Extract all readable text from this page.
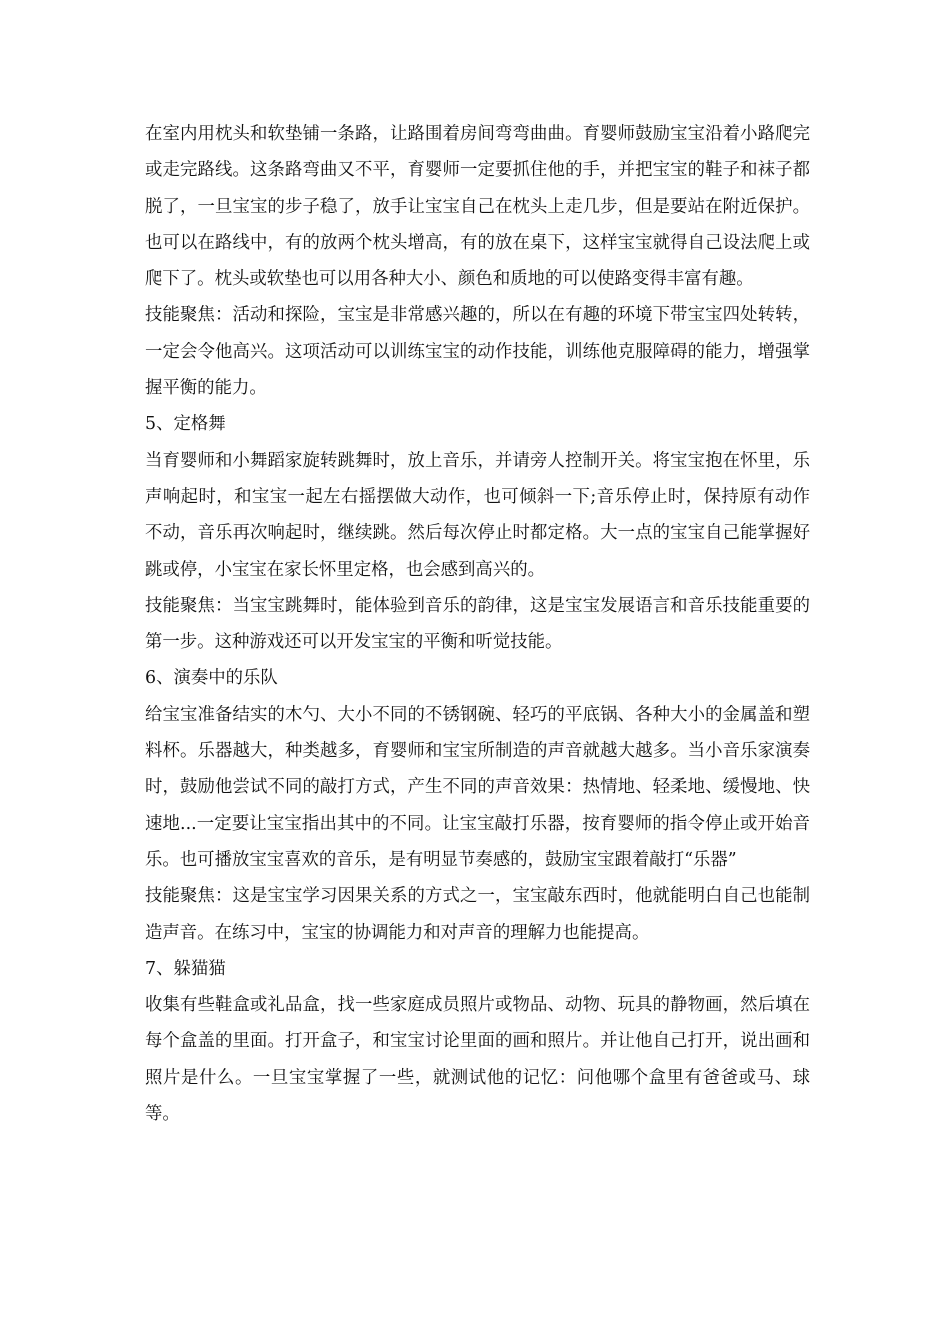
在室内用枕头和软垫铺一条路，让路围着房间弯弯曲曲。育婴师鼓励宝宝沿着小路爬完或走完路线。这条路弯曲又不平，育婴师一定要抓住他的手，并把宝宝的鞋子和袜子都脱了，一旦宝宝的步子稳了，放手让宝宝自己在枕头上走几步，但是要站在附近保护。也可以在路线中，有的放两个枕头增高，有的放在桌下，这样宝宝就得自己设法爬上或爬下了。枕头或软垫也可以用各种大小、颜色和质地的可以使路变得丰富有趣。

技能聚焦：活动和探险，宝宝是非常感兴趣的，所以在有趣的环境下带宝宝四处转转，一定会令他高兴。这项活动可以训练宝宝的动作技能，训练他克服障碍的能力，增强掌握平衡的能力。

5、定格舞

当育婴师和小舞蹈家旋转跳舞时，放上音乐，并请旁人控制开关。将宝宝抱在怀里，乐声响起时，和宝宝一起左右摇摆做大动作，也可倾斜一下;音乐停止时，保持原有动作不动，音乐再次响起时，继续跳。然后每次停止时都定格。大一点的宝宝自己能掌握好跳或停，小宝宝在家长怀里定格，也会感到高兴的。

技能聚焦：当宝宝跳舞时，能体验到音乐的韵律，这是宝宝发展语言和音乐技能重要的第一步。这种游戏还可以开发宝宝的平衡和听觉技能。

6、演奏中的乐队

给宝宝准备结实的木勺、大小不同的不锈钢碗、轻巧的平底锅、各种大小的金属盖和塑料杯。乐器越大，种类越多，育婴师和宝宝所制造的声音就越大越多。当小音乐家演奏时，鼓励他尝试不同的敲打方式，产生不同的声音效果：热情地、轻柔地、缓慢地、快速地...一定要让宝宝指出其中的不同。让宝宝敲打乐器，按育婴师的指令停止或开始音乐。也可播放宝宝喜欢的音乐，是有明显节奏感的，鼓励宝宝跟着敲打“乐器”

技能聚焦：这是宝宝学习因果关系的方式之一，宝宝敲东西时，他就能明白自己也能制造声音。在练习中，宝宝的协调能力和对声音的理解力也能提高。

7、躲猫猫

收集有些鞋盒或礼品盒，找一些家庭成员照片或物品、动物、玩具的静物画，然后填在每个盒盖的里面。打开盒子，和宝宝讨论里面的画和照片。并让他自己打开，说出画和照片是什么。一旦宝宝掌握了一些，就测试他的记忆：问他哪个盒里有爸爸或马、球等。
